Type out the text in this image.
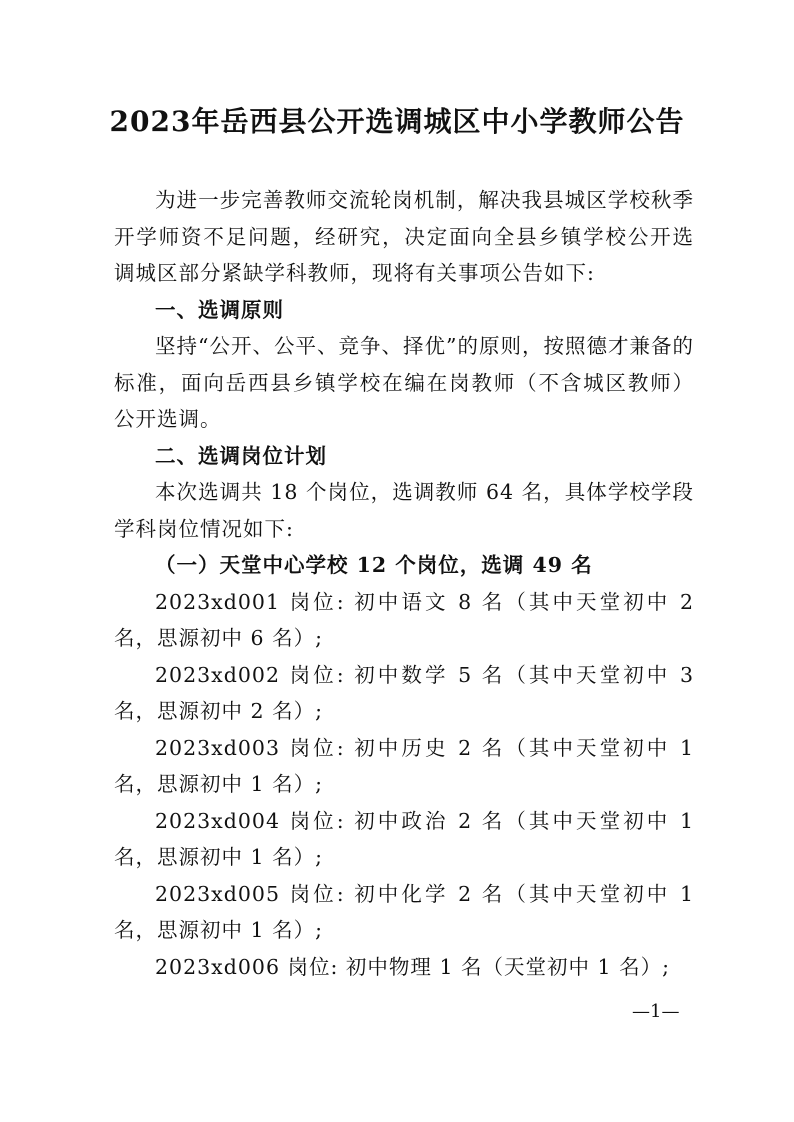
2023年岳西县公开选调城区中小学教师公告

为进一步完善教师交流轮岗机制，解决我县城区学校秋季开学师资不足问题，经研究，决定面向全县乡镇学校公开选调城区部分紧缺学科教师，现将有关事项公告如下:

一、选调原则

坚持“公开、公平、竞争、择优”的原则，按照德才兼备的标准，面向岳西县乡镇学校在编在岗教师（不含城区教师）公开选调。

二、选调岗位计划

本次选调共 18 个岗位，选调教师 64 名，具体学校学段学科岗位情况如下:

（一）天堂中心学校 12 个岗位，选调 49 名

2023xd001 岗位: 初中语文 8 名（其中天堂初中 2 名，思源初中 6 名）;

2023xd002 岗位: 初中数学 5 名（其中天堂初中 3 名，思源初中 2 名）;

2023xd003 岗位: 初中历史 2 名（其中天堂初中 1 名，思源初中 1 名）;

2023xd004 岗位: 初中政治 2 名（其中天堂初中 1 名，思源初中 1 名）;

2023xd005 岗位: 初中化学 2 名（其中天堂初中 1 名，思源初中 1 名）;

2023xd006 岗位: 初中物理 1 名（天堂初中 1 名）;

—1—
